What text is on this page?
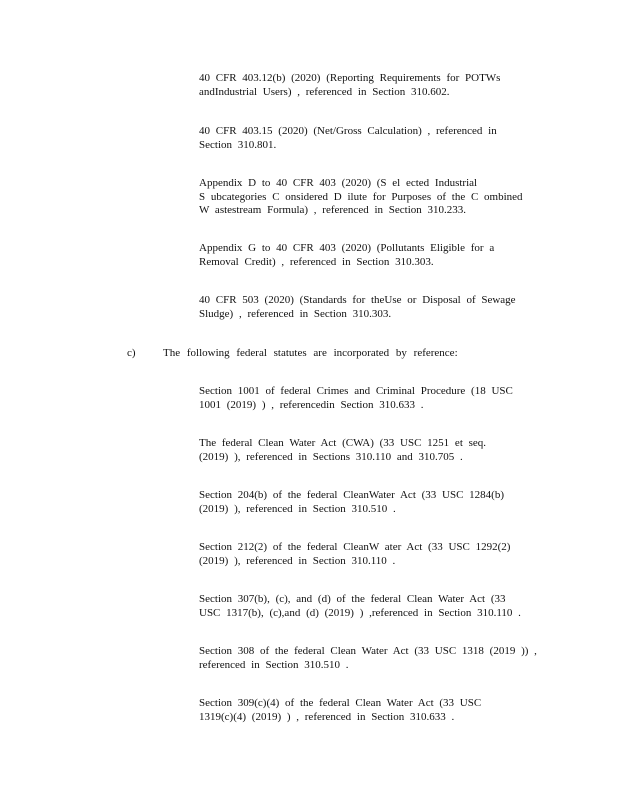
40 CFR 403.12(b) (2020) (Reporting Requirements for POTWs
andIndustrial Users) , referenced in Section 310.602.
40 CFR 403.15 (2020) (Net/Gross Calculation) , referenced in
Section 310.801.
Appendix D to 40 CFR 403 (2020) (S el ected Industrial
S ubcategories C onsidered D ilute for Purposes of the C ombined
W astestream Formula) , referenced in Section 310.233.
Appendix G to 40 CFR 403 (2020) (Pollutants Eligible for a
Removal Credit) , referenced in Section 310.303.
40 CFR 503 (2020) (Standards for theUse or Disposal of Sewage
Sludge) , referenced in Section 310.303.
c) The following federal statutes are incorporated by reference:
Section 1001 of federal Crimes and Criminal Procedure (18 USC
1001 (2019) ) , referencedin Section 310.633 .
The federal Clean Water Act (CWA) (33 USC 1251 et seq.
(2019) ), referenced in Sections 310.110 and 310.705 .
Section 204(b) of the federal CleanWater Act (33 USC 1284(b)
(2019) ), referenced in Section 310.510 .
Section 212(2) of the federal CleanW ater Act (33 USC 1292(2)
(2019) ), referenced in Section 310.110 .
Section 307(b), (c), and (d) of the federal Clean Water Act (33
USC 1317(b), (c),and (d) (2019) ) ,referenced in Section 310.110 .
Section 308 of the federal Clean Water Act (33 USC 1318 (2019 )) ,
referenced in Section 310.510 .
Section 309(c)(4) of the federal Clean Water Act (33 USC
1319(c)(4) (2019) ) , referenced in Section 310.633 .
